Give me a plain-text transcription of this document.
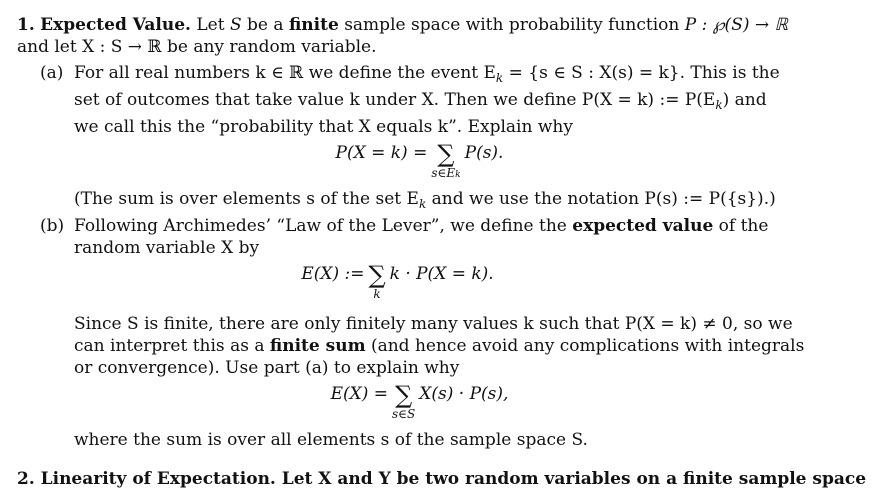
1. Expected Value. Let S be a finite sample space with probability function P : ℘(S) → ℝ
and let X : S → ℝ be any random variable.
(a) For all real numbers k ∈ ℝ we define the event $E_k = \{s$ ∈ S : X(s) = k}. This is the
set of outcomes that take value k under X. Then we define P(X = k) := $P(E_k)$ and
we call this the “probability that X equals k”. Explain why
P(X = k) = ∑
s∈Ek
P(s).
(The sum is over elements s of the set $E_k$ and we use the notation P(s) := P({s}).)
(b) Following Archimedes’ “Law of the Lever”, we define the expected value of the
random variable X by
E(X) := ∑
k
k · P(X = k).
Since S is finite, there are only finitely many values k such that P(X = k) ≠ 0, so we
can interpret this as a finite sum (and hence avoid any complications with integrals
or convergence). Use part (a) to explain why
E(X) = ∑
s∈S
X(s) · P(s),
where the sum is over all elements s of the sample space S.
2. Linearity of Expectation. Let X and Y be two random variables on a finite sample space
